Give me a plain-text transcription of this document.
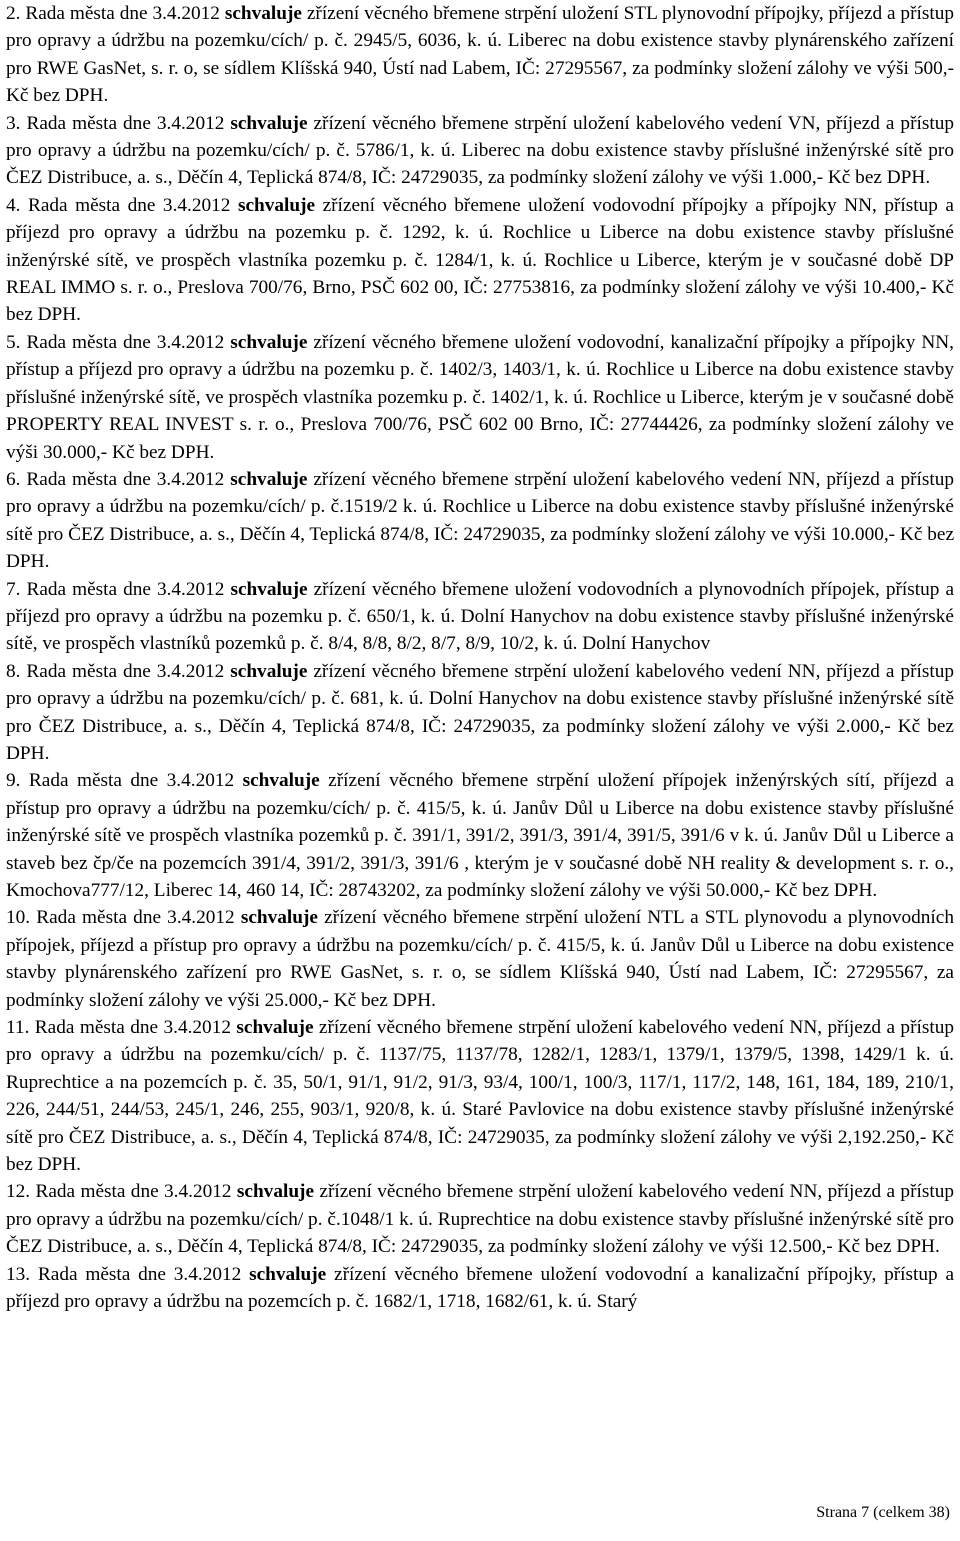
2. Rada města dne 3.4.2012 schvaluje zřízení věcného břemene strpění uložení STL plynovodní přípojky, příjezd a přístup pro opravy a údržbu na pozemku/cích/ p. č. 2945/5, 6036, k. ú. Liberec na dobu existence stavby plynárenského zařízení pro RWE GasNet, s. r. o, se sídlem Klíšská 940, Ústí nad Labem, IČ: 27295567, za podmínky složení zálohy ve výši 500,- Kč bez DPH.

3. Rada města dne 3.4.2012 schvaluje zřízení věcného břemene strpění uložení kabelového vedení VN, příjezd a přístup pro opravy a údržbu na pozemku/cích/ p. č. 5786/1, k. ú. Liberec na dobu existence stavby příslušné inženýrské sítě pro ČEZ Distribuce, a. s., Děčín 4, Teplická 874/8, IČ: 24729035, za podmínky složení zálohy ve výši 1.000,- Kč bez DPH.

4. Rada města dne 3.4.2012 schvaluje zřízení věcného břemene uložení vodovodní přípojky a přípojky NN, přístup a příjezd pro opravy a údržbu na pozemku p. č. 1292, k. ú. Rochlice u Liberce na dobu existence stavby příslušné inženýrské sítě, ve prospěch vlastníka pozemku p. č. 1284/1, k. ú. Rochlice u Liberce, kterým je v současné době DP REAL IMMO s. r. o., Preslova 700/76, Brno, PSČ 602 00, IČ: 27753816, za podmínky složení zálohy ve výši 10.400,- Kč bez DPH.

5. Rada města dne 3.4.2012 schvaluje zřízení věcného břemene uložení vodovodní, kanalizační přípojky a přípojky NN, přístup a příjezd pro opravy a údržbu na pozemku p. č. 1402/3, 1403/1, k. ú. Rochlice u Liberce na dobu existence stavby příslušné inženýrské sítě, ve prospěch vlastníka pozemku p. č. 1402/1, k. ú. Rochlice u Liberce, kterým je v současné době PROPERTY REAL INVEST s. r. o., Preslova 700/76, PSČ 602 00 Brno, IČ: 27744426, za podmínky složení zálohy ve výši 30.000,- Kč bez DPH.

6. Rada města dne 3.4.2012 schvaluje zřízení věcného břemene strpění uložení kabelového vedení NN, příjezd a přístup pro opravy a údržbu na pozemku/cích/ p. č.1519/2 k. ú. Rochlice u Liberce na dobu existence stavby příslušné inženýrské sítě pro ČEZ Distribuce, a. s., Děčín 4, Teplická 874/8, IČ: 24729035, za podmínky složení zálohy ve výši 10.000,- Kč bez DPH.

7. Rada města dne 3.4.2012 schvaluje zřízení věcného břemene uložení vodovodních a plynovodních přípojek, přístup a příjezd pro opravy a údržbu na pozemku p. č. 650/1, k. ú. Dolní Hanychov na dobu existence stavby příslušné inženýrské sítě, ve prospěch vlastníků pozemků p. č. 8/4, 8/8, 8/2, 8/7, 8/9, 10/2, k. ú. Dolní Hanychov

8. Rada města dne 3.4.2012 schvaluje zřízení věcného břemene strpění uložení kabelového vedení NN, příjezd a přístup pro opravy a údržbu na pozemku/cích/ p. č. 681, k. ú. Dolní Hanychov na dobu existence stavby příslušné inženýrské sítě pro ČEZ Distribuce, a. s., Děčín 4, Teplická 874/8, IČ: 24729035, za podmínky složení zálohy ve výši 2.000,- Kč bez DPH.

9. Rada města dne 3.4.2012 schvaluje zřízení věcného břemene strpění uložení přípojek inženýrských sítí, příjezd a přístup pro opravy a údržbu na pozemku/cích/ p. č. 415/5, k. ú. Janův Důl u Liberce na dobu existence stavby příslušné inženýrské sítě ve prospěch vlastníka pozemků p. č. 391/1, 391/2, 391/3, 391/4, 391/5, 391/6 v k. ú. Janův Důl u Liberce a staveb bez čp/če na pozemcích 391/4, 391/2, 391/3, 391/6 , kterým je v současné době NH reality & development s. r. o., Kmochova777/12, Liberec 14, 460 14, IČ: 28743202, za podmínky složení zálohy ve výši 50.000,- Kč bez DPH.

10. Rada města dne 3.4.2012 schvaluje zřízení věcného břemene strpění uložení NTL a STL plynovodu a plynovodních přípojek, příjezd a přístup pro opravy a údržbu na pozemku/cích/ p. č. 415/5, k. ú. Janův Důl u Liberce na dobu existence stavby plynárenského zařízení pro RWE GasNet, s. r. o, se sídlem Klíšská 940, Ústí nad Labem, IČ: 27295567, za podmínky složení zálohy ve výši 25.000,- Kč bez DPH.

11. Rada města dne 3.4.2012 schvaluje zřízení věcného břemene strpění uložení kabelového vedení NN, příjezd a přístup pro opravy a údržbu na pozemku/cích/ p. č. 1137/75, 1137/78, 1282/1, 1283/1, 1379/1, 1379/5, 1398, 1429/1 k. ú. Ruprechtice a na pozemcích p. č. 35, 50/1, 91/1, 91/2, 91/3, 93/4, 100/1, 100/3, 117/1, 117/2, 148, 161, 184, 189, 210/1, 226, 244/51, 244/53, 245/1, 246, 255, 903/1, 920/8, k. ú. Staré Pavlovice na dobu existence stavby příslušné inženýrské sítě pro ČEZ Distribuce, a. s., Děčín 4, Teplická 874/8, IČ: 24729035, za podmínky složení zálohy ve výši 2,192.250,- Kč bez DPH.

12. Rada města dne 3.4.2012 schvaluje zřízení věcného břemene strpění uložení kabelového vedení NN, příjezd a přístup pro opravy a údržbu na pozemku/cích/ p. č.1048/1 k. ú. Ruprechtice na dobu existence stavby příslušné inženýrské sítě pro ČEZ Distribuce, a. s., Děčín 4, Teplická 874/8, IČ: 24729035, za podmínky složení zálohy ve výši 12.500,- Kč bez DPH.

13. Rada města dne 3.4.2012 schvaluje zřízení věcného břemene uložení vodovodní a kanalizační přípojky, přístup a příjezd pro opravy a údržbu na pozemcích p. č. 1682/1, 1718, 1682/61, k. ú. Starý

Strana 7 (celkem 38)
